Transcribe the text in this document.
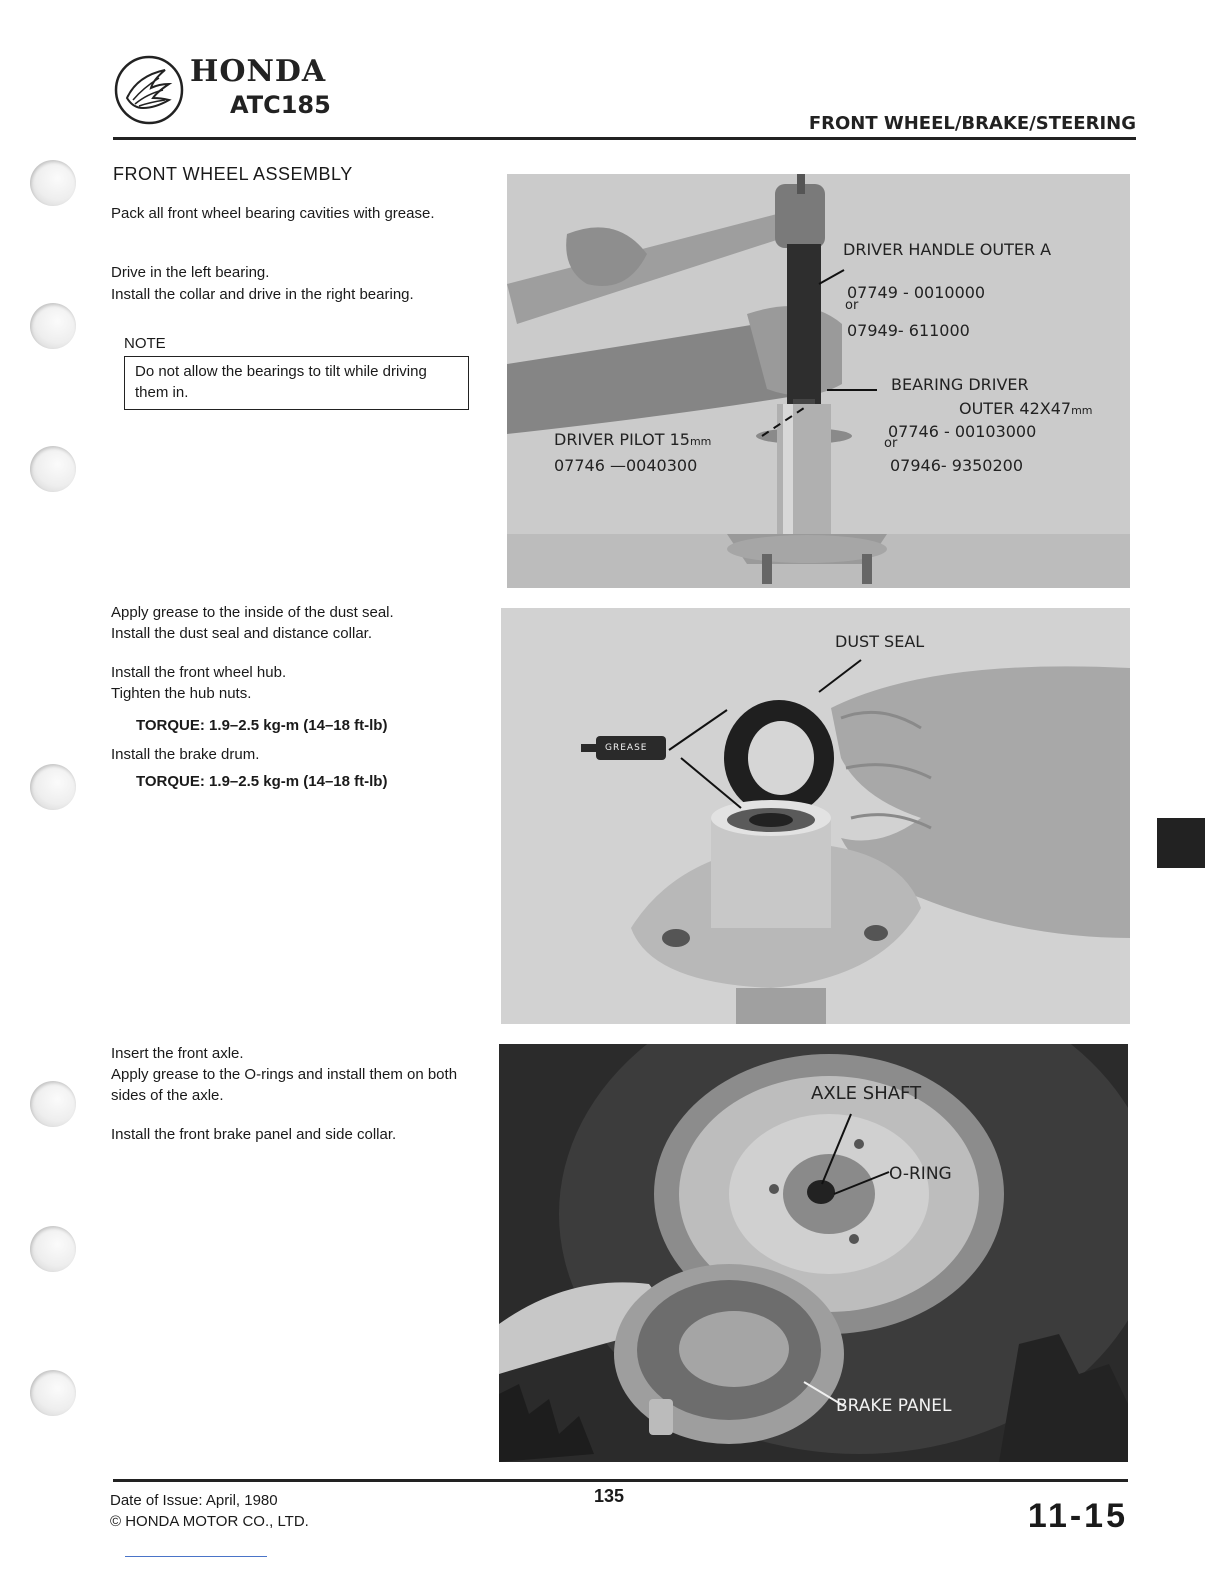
HONDA
ATC185
FRONT WHEEL/BRAKE/STEERING
FRONT WHEEL ASSEMBLY
Pack all front wheel bearing cavities with grease.
Drive in the left bearing.
Install the collar and drive in the right bearing.
NOTE
Do not allow the bearings to tilt while driving them in.
Apply grease to the inside of the dust seal.
Install the dust seal and distance collar.
Install the front wheel hub.
Tighten the hub nuts.
TORQUE: 1.9–2.5 kg-m (14–18 ft-lb)
Install the brake drum.
TORQUE: 1.9–2.5 kg-m (14–18 ft-lb)
Insert the front axle.
Apply grease to the O-rings and install them on both sides of the axle.
Install the front brake panel and side collar.
DRIVER HANDLE OUTER A
07749 - 0010000
or
07949- 611000
BEARING DRIVER
OUTER 42X47mm
07746 - 00103000
or
07946- 9350200
DRIVER PILOT 15mm
07746 —0040300
DUST SEAL
GREASE
AXLE SHAFT
O-RING
BRAKE PANEL
Date of Issue: April, 1980
© HONDA MOTOR CO., LTD.
135
11-15
